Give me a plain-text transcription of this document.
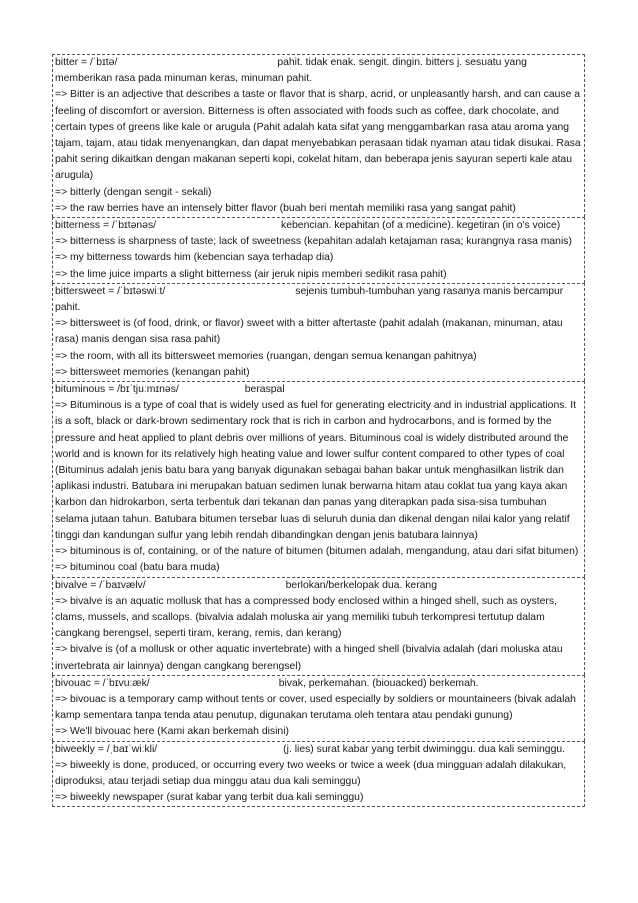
bitter = /ˈbɪtə/	pahit. tidak enak. sengit. dingin. bitters j. sesuatu yang memberikan rasa pada minuman keras, minuman pahit.
=> Bitter is an adjective that describes a taste or flavor that is sharp, acrid, or unpleasantly harsh, and can cause a feeling of discomfort or aversion. Bitterness is often associated with foods such as coffee, dark chocolate, and certain types of greens like kale or arugula (Pahit adalah kata sifat yang menggambarkan rasa atau aroma yang tajam, tajam, atau tidak menyenangkan, dan dapat menyebabkan perasaan tidak nyaman atau tidak disukai. Rasa pahit sering dikaitkan dengan makanan seperti kopi, cokelat hitam, dan beberapa jenis sayuran seperti kale atau arugula)
=> bitterly (dengan sengit - sekali)
=> the raw berries have an intensely bitter flavor (buah beri mentah memiliki rasa yang sangat pahit)
bitterness = /ˈbɪtənəs/	kebencian. kepahitan (of a medicine). kegetiran (in o's voice)
=> bitterness is sharpness of taste; lack of sweetness (kepahitan adalah ketajaman rasa; kurangnya rasa manis)
=> my bitterness towards him (kebencian saya terhadap dia)
=> the lime juice imparts a slight bitterness (air jeruk nipis memberi sedikit rasa pahit)
bittersweet = /ˈbɪtəswiːt/	sejenis tumbuh-tumbuhan yang rasanya manis bercampur pahit.
=> bittersweet is (of food, drink, or flavor) sweet with a bitter aftertaste (pahit adalah (makanan, minuman, atau rasa) manis dengan sisa rasa pahit)
=> the room, with all its bittersweet memories (ruangan, dengan semua kenangan pahitnya)
=> bittersweet memories (kenangan pahit)
bituminous = /bɪˈtjuːmɪnəs/	beraspal
=> Bituminous is a type of coal that is widely used as fuel for generating electricity and in industrial applications. It is a soft, black or dark-brown sedimentary rock that is rich in carbon and hydrocarbons, and is formed by the pressure and heat applied to plant debris over millions of years. Bituminous coal is widely distributed around the world and is known for its relatively high heating value and lower sulfur content compared to other types of coal (Bituminus adalah jenis batu bara yang banyak digunakan sebagai bahan bakar untuk menghasilkan listrik dan aplikasi industri. Batubara ini merupakan batuan sedimen lunak berwarna hitam atau coklat tua yang kaya akan karbon dan hidrokarbon, serta terbentuk dari tekanan dan panas yang diterapkan pada sisa-sisa tumbuhan selama jutaan tahun. Batubara bitumen tersebar luas di seluruh dunia dan dikenal dengan nilai kalor yang relatif tinggi dan kandungan sulfur yang lebih rendah dibandingkan dengan jenis batubara lainnya)
=> bituminous is of, containing, or of the nature of bitumen (bitumen adalah, mengandung, atau dari sifat bitumen)
=> bituminou coal (batu bara muda)
bivalve = /ˈbaɪvælv/	berlokan/berkelopak dua. kerang
=> bivalve is an aquatic mollusk that has a compressed body enclosed within a hinged shell, such as oysters, clams, mussels, and scallops. (bivalvia adalah moluska air yang memiliki tubuh terkompresi tertutup dalam cangkang berengsel, seperti tiram, kerang, remis, dan kerang)
=> bivalve is (of a mollusk or other aquatic invertebrate) with a hinged shell (bivalvia adalah (dari moluska atau invertebrata air lainnya) dengan cangkang berengsel)
bivouac = /ˈbɪvuːæk/	bivak, perkemahan. (biouacked) berkemah.
=> bivouac is a temporary camp without tents or cover, used especially by soldiers or mountaineers (bivak adalah kamp sementara tanpa tenda atau penutup, digunakan terutama oleh tentara atau pendaki gunung)
=> We'll bivouac here (Kami akan berkemah disini)
biweekly = /ˌbaɪˈwiːkli/	(j. lies) surat kabar yang terbit dwiminggu. dua kali seminggu.
=> biweekly is done, produced, or occurring every two weeks or twice a week (dua mingguan adalah dilakukan, diproduksi, atau terjadi setiap dua minggu atau dua kali seminggu)
=> biweekly newspaper (surat kabar yang terbit dua kali seminggu)
